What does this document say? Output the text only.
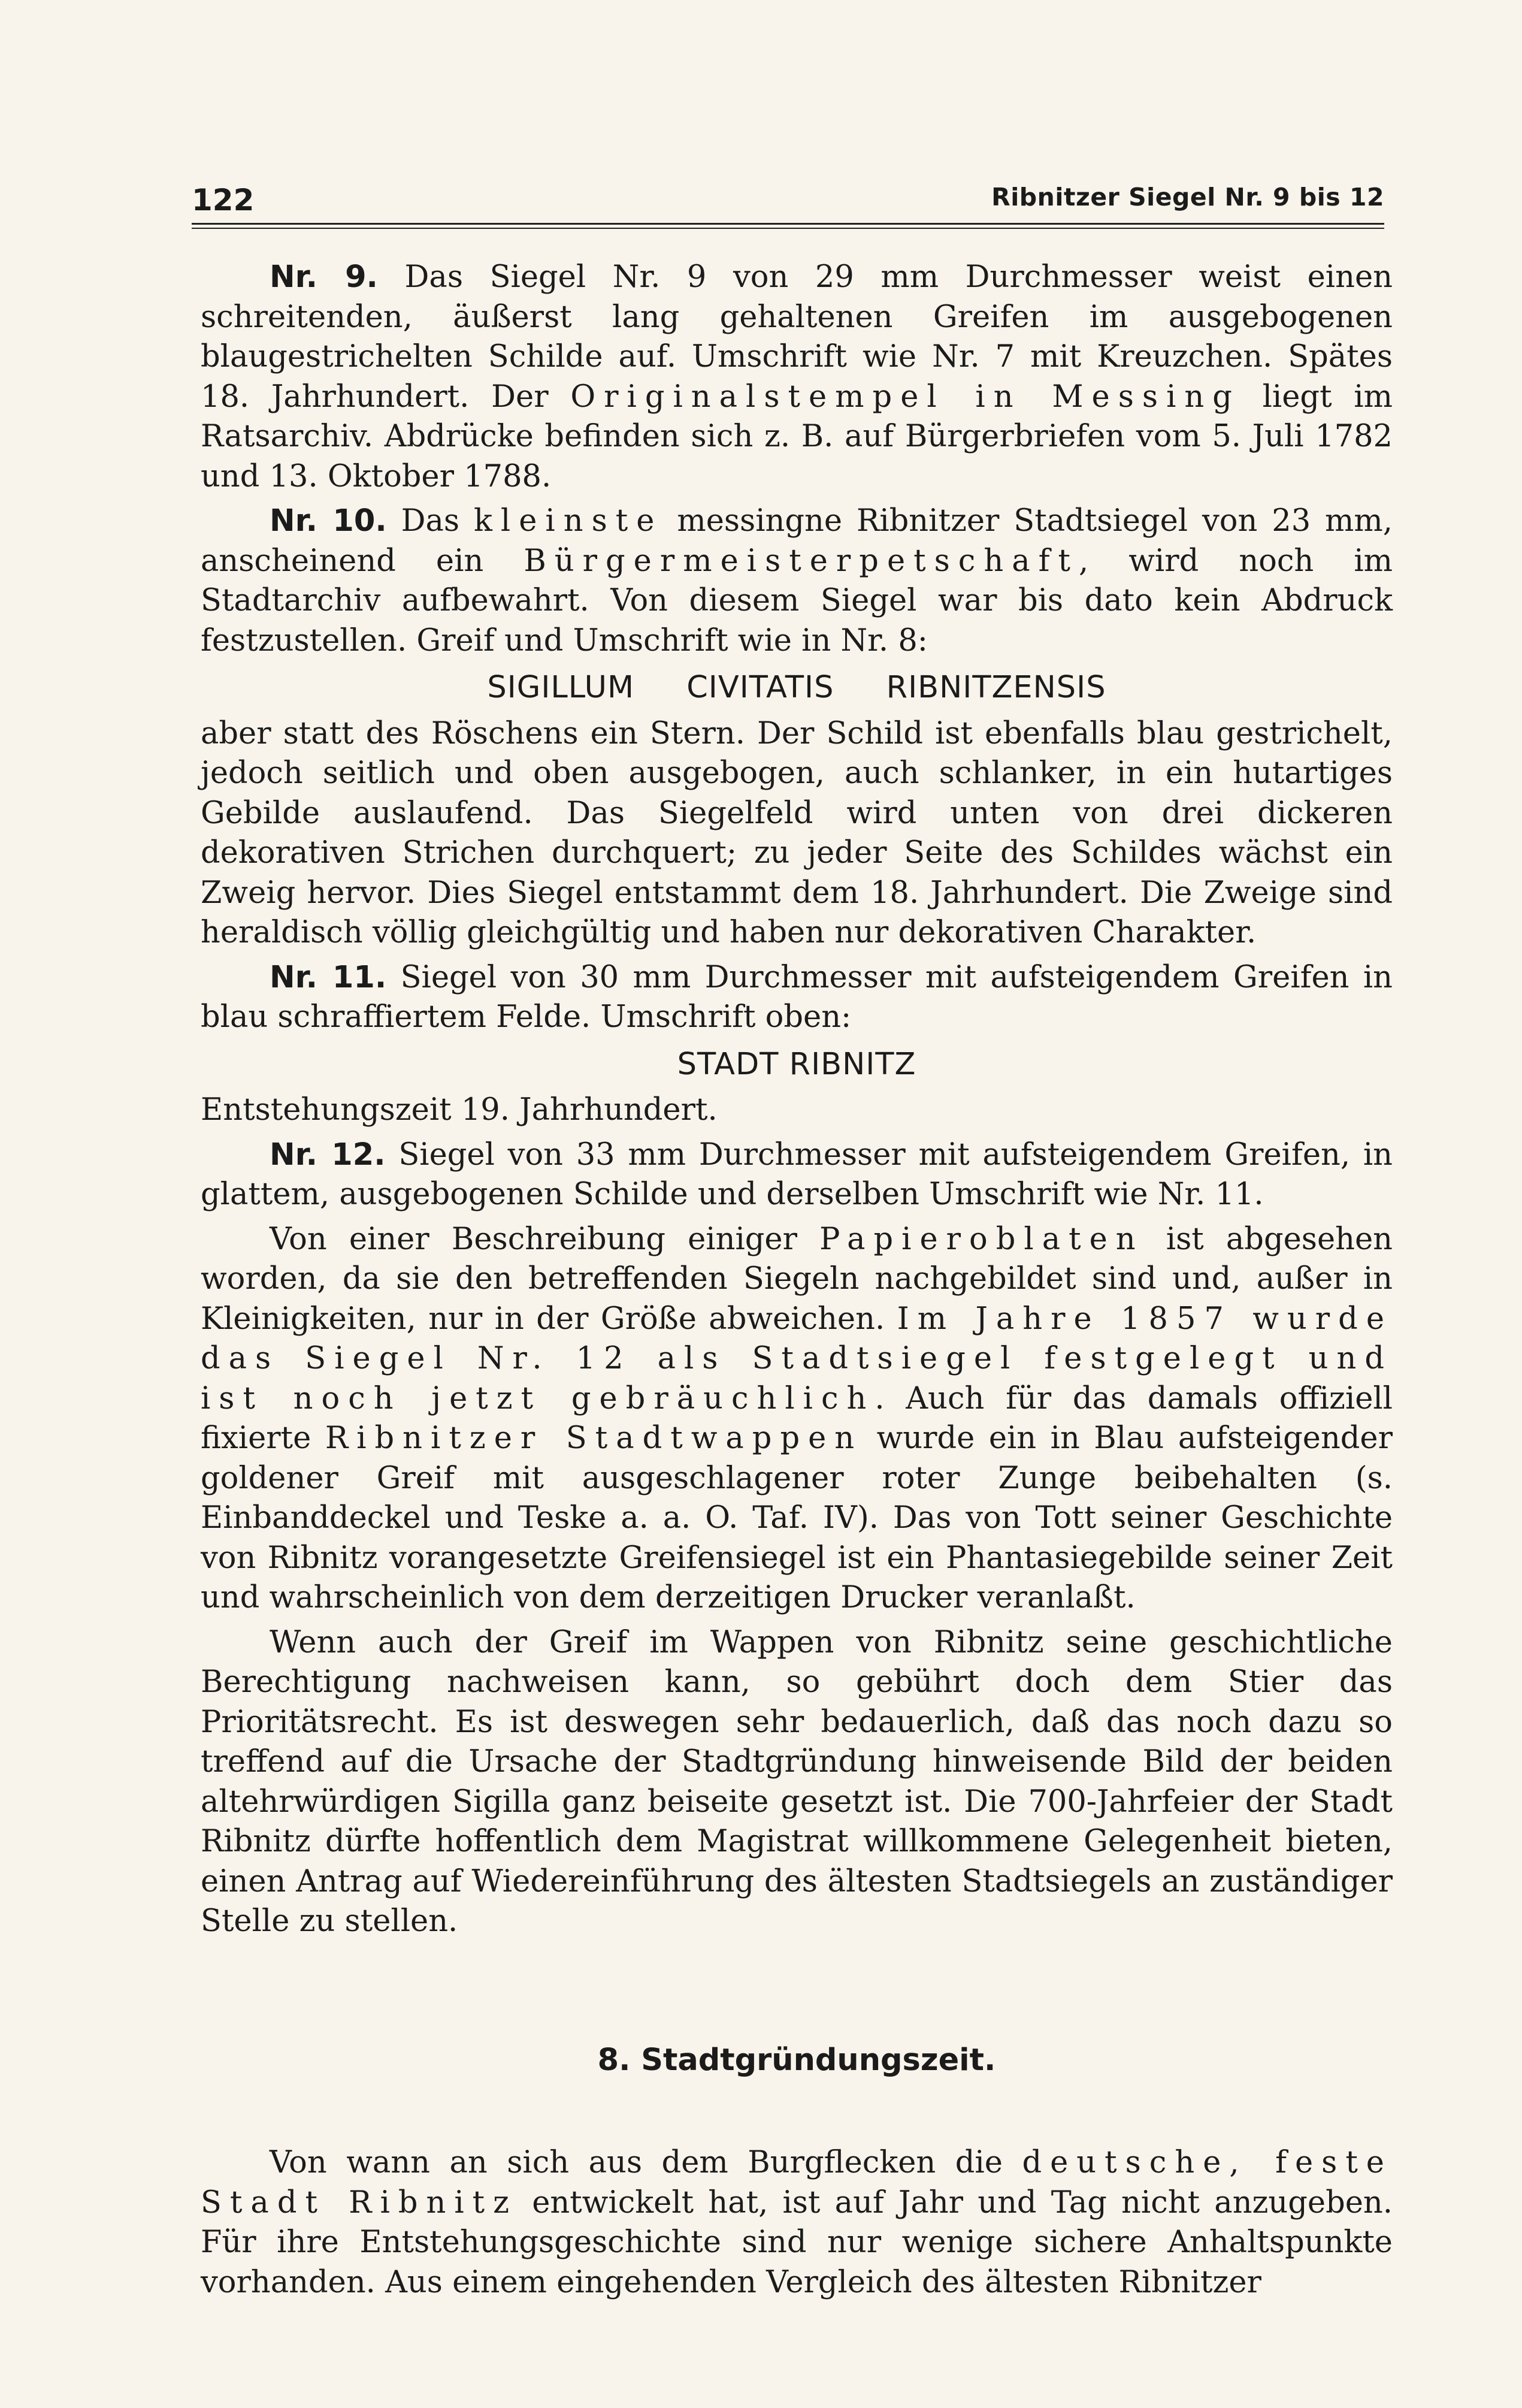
122	Ribnitzer Siegel Nr. 9 bis 12

Nr. 9. Das Siegel Nr. 9 von 29 mm Durchmesser weist einen schreitenden, äußerst lang gehaltenen Greifen im ausgebogenen blaugestrichelten Schilde auf. Umschrift wie Nr. 7 mit Kreuzchen. Spätes 18. Jahrhundert. Der Originalstempel in Messing liegt im Ratsarchiv. Abdrücke befinden sich z. B. auf Bürgerbriefen vom 5. Juli 1782 und 13. Oktober 1788.

Nr. 10. Das kleinste messingne Ribnitzer Stadtsiegel von 23 mm, anscheinend ein Bürgermeisterpetschaft, wird noch im Stadtarchiv aufbewahrt. Von diesem Siegel war bis dato kein Abdruck festzustellen. Greif und Umschrift wie in Nr. 8:

SIGILLUM CIVITATIS RIBNITZENSIS

aber statt des Röschens ein Stern. Der Schild ist ebenfalls blau gestrichelt, jedoch seitlich und oben ausgebogen, auch schlanker, in ein hutartiges Gebilde auslaufend. Das Siegelfeld wird unten von drei dickeren dekorativen Strichen durchquert; zu jeder Seite des Schildes wächst ein Zweig hervor. Dies Siegel entstammt dem 18. Jahrhundert. Die Zweige sind heraldisch völlig gleichgültig und haben nur dekorativen Charakter.

Nr. 11. Siegel von 30 mm Durchmesser mit aufsteigendem Greifen in blau schraffiertem Felde. Umschrift oben:

STADT RIBNITZ

Entstehungszeit 19. Jahrhundert.

Nr. 12. Siegel von 33 mm Durchmesser mit aufsteigendem Greifen, in glattem, ausgebogenen Schilde und derselben Umschrift wie Nr. 11.

Von einer Beschreibung einiger Papieroblaten ist abgesehen worden, da sie den betreffenden Siegeln nachgebildet sind und, außer in Kleinigkeiten, nur in der Größe abweichen. Im Jahre 1857 wurde das Siegel Nr. 12 als Stadtsiegel festgelegt und ist noch jetzt gebräuchlich. Auch für das damals offiziell fixierte Ribnitzer Stadtwappen wurde ein in Blau aufsteigender goldener Greif mit ausgeschlagener roter Zunge beibehalten (s. Einbanddeckel und Teske a. a. O. Taf. IV). Das von Tott seiner Geschichte von Ribnitz vorangesetzte Greifensiegel ist ein Phantasiegebilde seiner Zeit und wahrscheinlich von dem derzeitigen Drucker veranlaßt.

Wenn auch der Greif im Wappen von Ribnitz seine geschichtliche Berechtigung nachweisen kann, so gebührt doch dem Stier das Prioritätsrecht. Es ist deswegen sehr bedauerlich, daß das noch dazu so treffend auf die Ursache der Stadtgründung hinweisende Bild der beiden altehrwürdigen Sigilla ganz beiseite gesetzt ist. Die 700-Jahrfeier der Stadt Ribnitz dürfte hoffentlich dem Magistrat willkommene Gelegenheit bieten, einen Antrag auf Wiedereinführung des ältesten Stadtsiegels an zuständiger Stelle zu stellen.

8. Stadtgründungszeit.

Von wann an sich aus dem Burgflecken die deutsche, feste Stadt Ribnitz entwickelt hat, ist auf Jahr und Tag nicht anzugeben. Für ihre Entstehungsgeschichte sind nur wenige sichere Anhaltspunkte vorhanden. Aus einem eingehenden Vergleich des ältesten Ribnitzer
